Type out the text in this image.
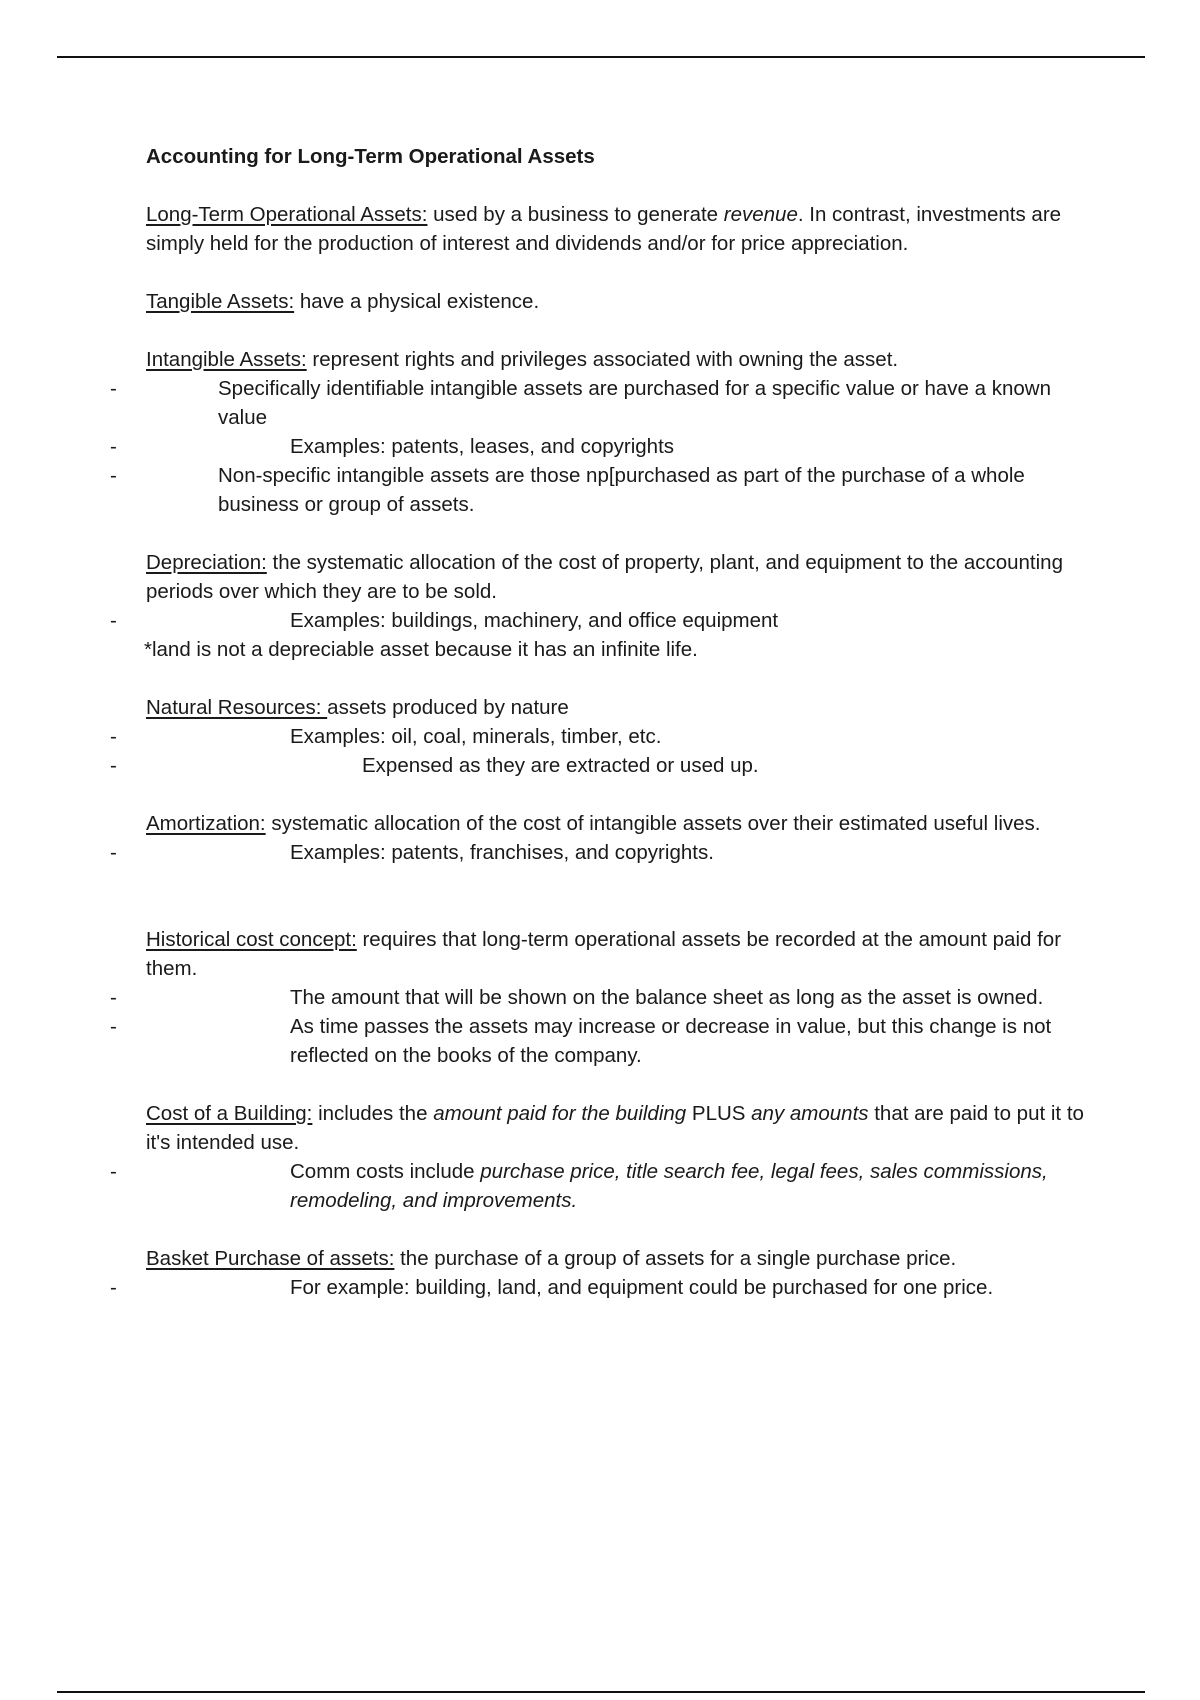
Accounting for Long-Term Operational Assets

Long-Term Operational Assets: used by a business to generate revenue. In contrast, investments are simply held for the production of interest and dividends and/or for price appreciation.

Tangible Assets: have a physical existence.

Intangible Assets: represent rights and privileges associated with owning the asset.

- Specifically identifiable intangible assets are purchased for a specific value or have a known value
- Examples: patents, leases, and copyrights
- Non-specific intangible assets are those np[purchased as part of the purchase of a whole business or group of assets.

Depreciation: the systematic allocation of the cost of property, plant, and equipment to the accounting periods over which they are to be sold.

- Examples: buildings, machinery, and office equipment

*land is not a depreciable asset because it has an infinite life.

Natural Resources: assets produced by nature

- Examples: oil, coal, minerals, timber, etc.
- Expensed as they are extracted or used up.

Amortization: systematic allocation of the cost of intangible assets over their estimated useful lives.

- Examples: patents, franchises, and copyrights.

Historical cost concept: requires that long-term operational assets be recorded at the amount paid for them.

- The amount that will be shown on the balance sheet as long as the asset is owned.
- As time passes the assets may increase or decrease in value, but this change is not reflected on the books of the company.

Cost of a Building: includes the amount paid for the building PLUS any amounts that are paid to put it to it's intended use.

- Comm costs include purchase price, title search fee, legal fees, sales commissions, remodeling, and improvements.

Basket Purchase of assets: the purchase of a group of assets for a single purchase price.

- For example: building, land, and equipment could be purchased for one price.
